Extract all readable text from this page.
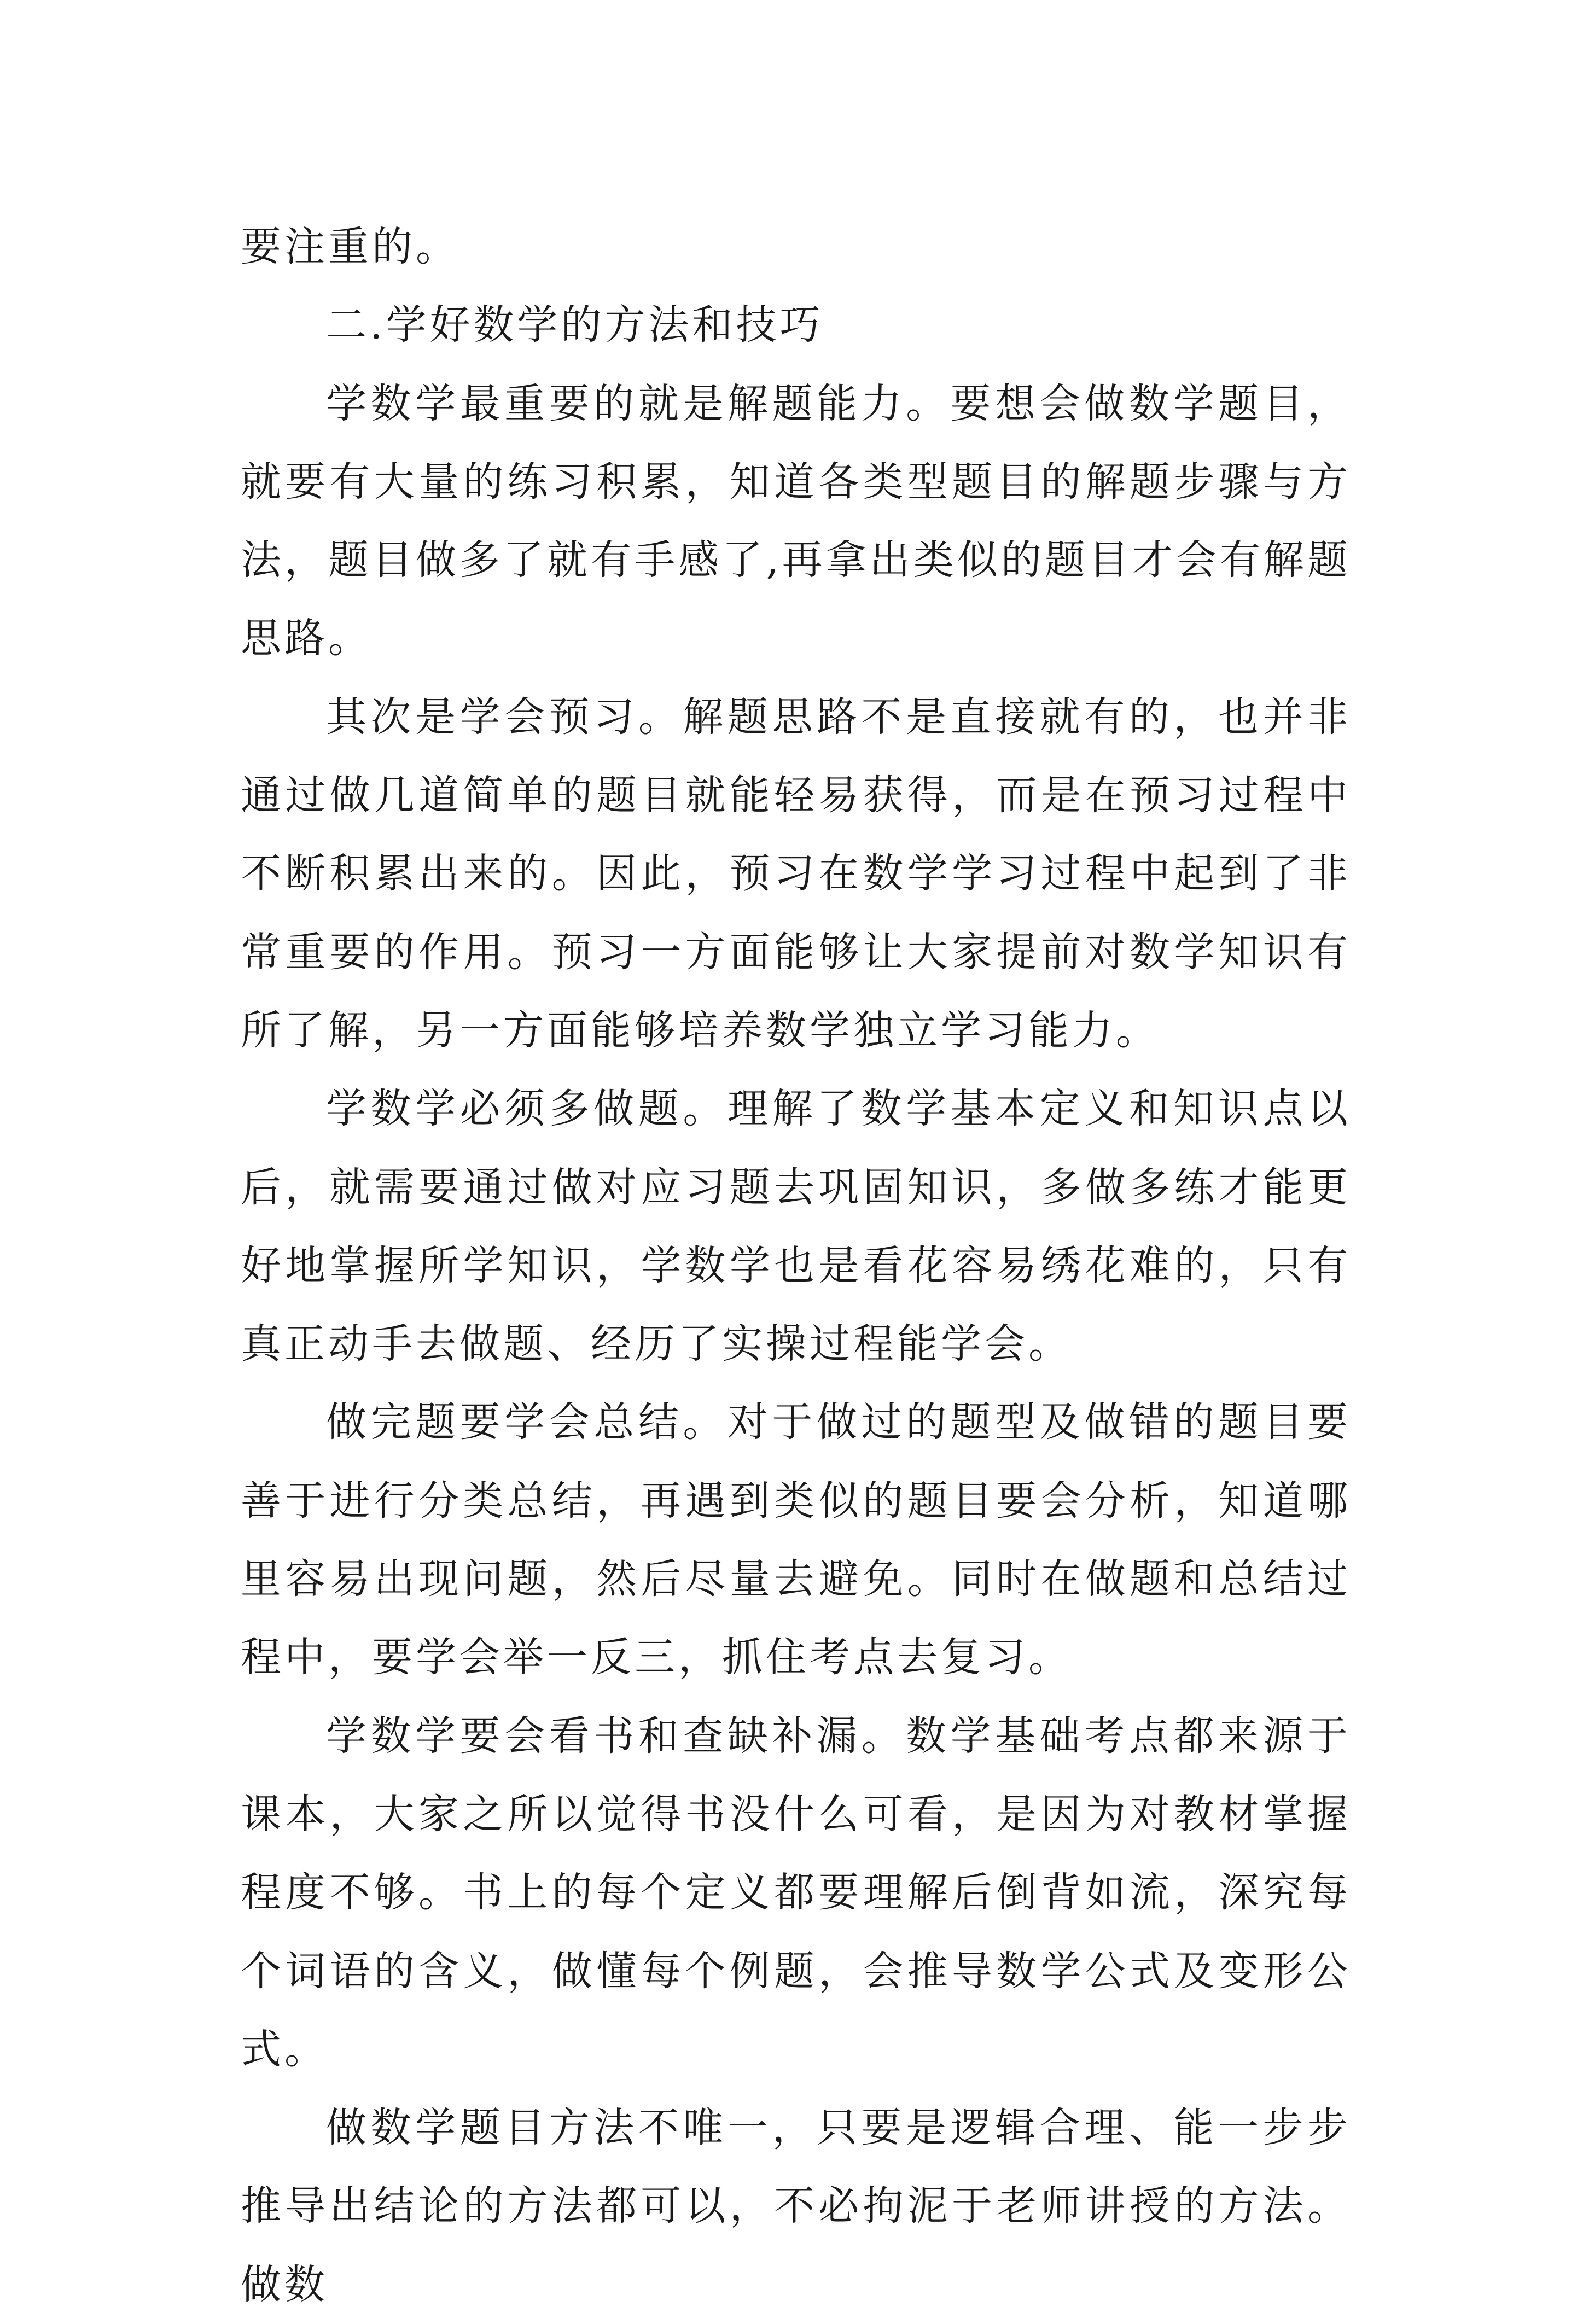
要注重的。

二.学好数学的方法和技巧

学数学最重要的就是解题能力。要想会做数学题目，就要有大量的练习积累，知道各类型题目的解题步骤与方法，题目做多了就有手感了,再拿出类似的题目才会有解题思路。

其次是学会预习。解题思路不是直接就有的，也并非通过做几道简单的题目就能轻易获得，而是在预习过程中不断积累出来的。因此，预习在数学学习过程中起到了非常重要的作用。预习一方面能够让大家提前对数学知识有所了解，另一方面能够培养数学独立学习能力。

学数学必须多做题。理解了数学基本定义和知识点以后，就需要通过做对应习题去巩固知识，多做多练才能更好地掌握所学知识，学数学也是看花容易绣花难的，只有真正动手去做题、经历了实操过程能学会。

做完题要学会总结。对于做过的题型及做错的题目要善于进行分类总结，再遇到类似的题目要会分析，知道哪里容易出现问题，然后尽量去避免。同时在做题和总结过程中，要学会举一反三，抓住考点去复习。

学数学要会看书和查缺补漏。数学基础考点都来源于课本，大家之所以觉得书没什么可看，是因为对教材掌握程度不够。书上的每个定义都要理解后倒背如流，深究每个词语的含义，做懂每个例题，会推导数学公式及变形公式。

做数学题目方法不唯一，只要是逻辑合理、能一步步推导出结论的方法都可以，不必拘泥于老师讲授的方法。做数
